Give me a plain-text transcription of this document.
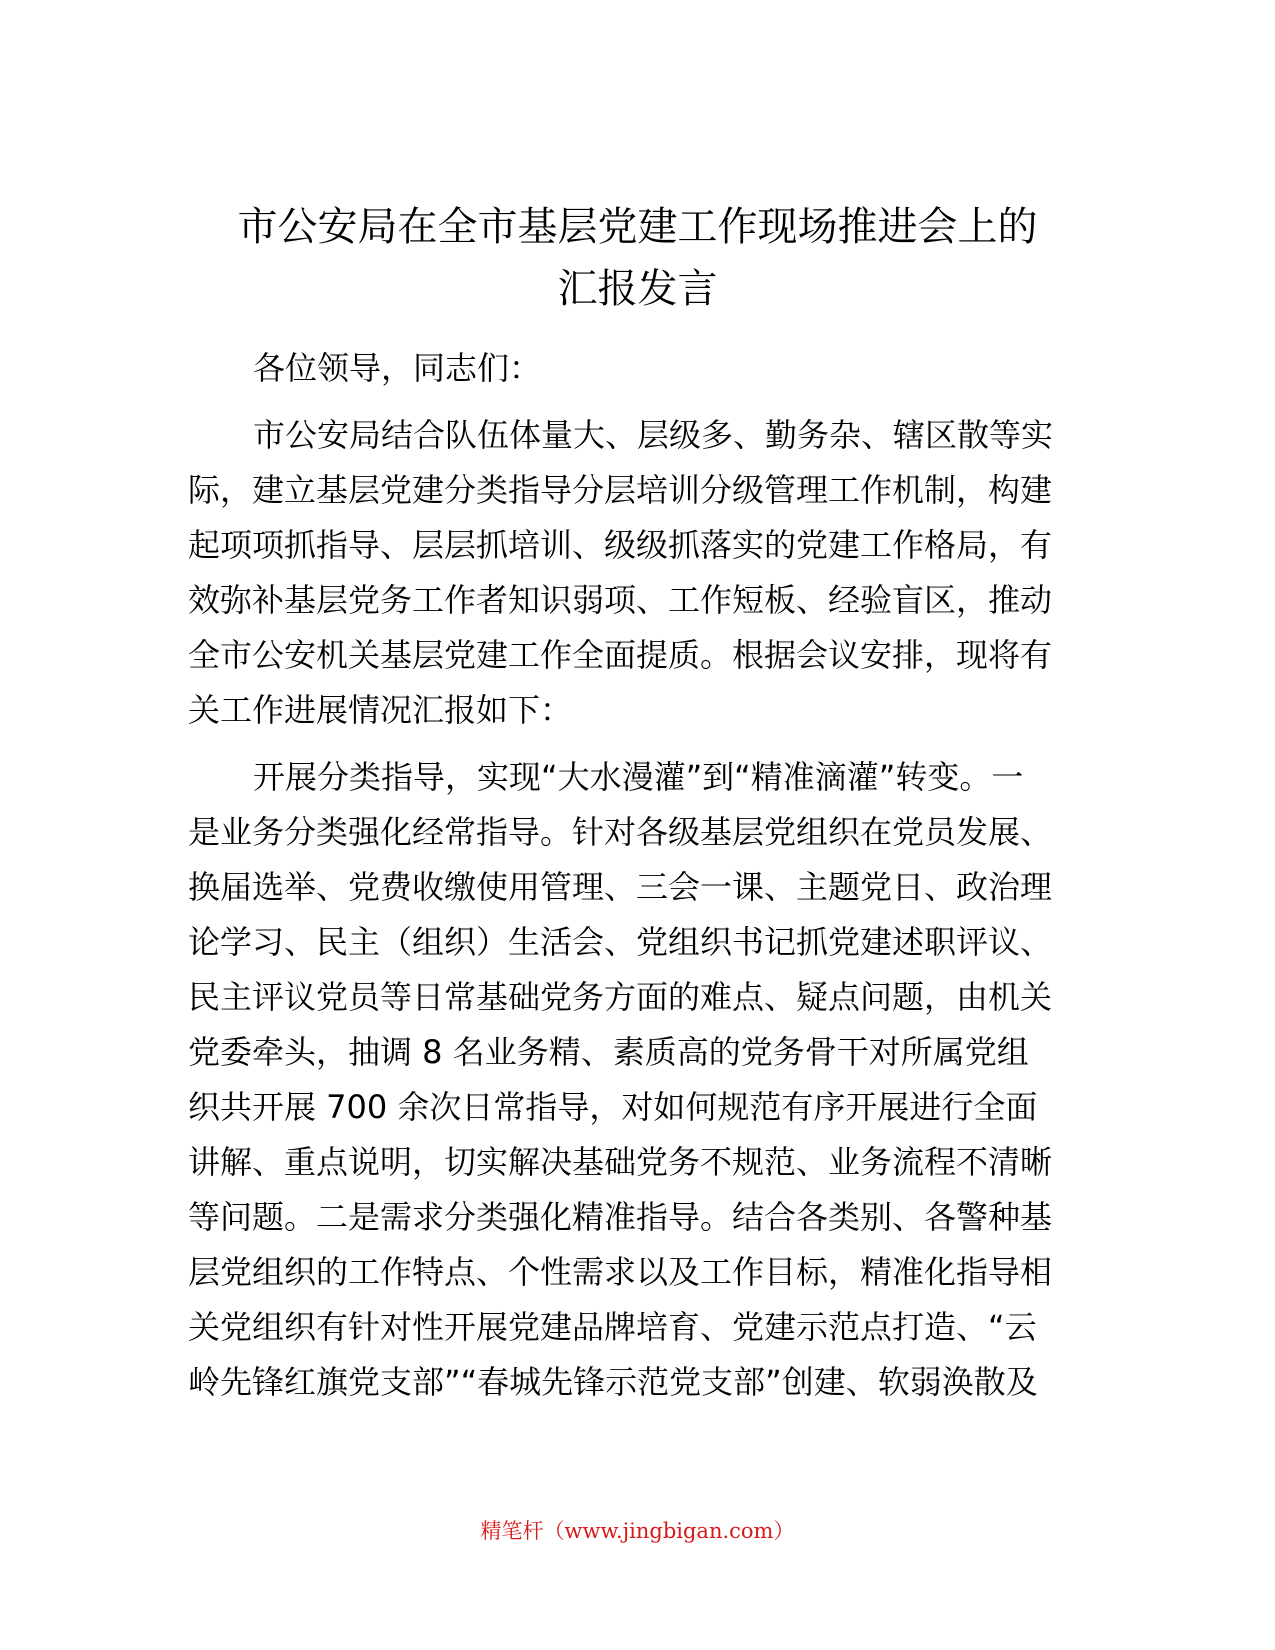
市公安局在全市基层党建工作现场推进会上的
汇报发言

各位领导，同志们：

市公安局结合队伍体量大、层级多、勤务杂、辖区散等实

际，建立基层党建分类指导分层培训分级管理工作机制，构建

起项项抓指导、层层抓培训、级级抓落实的党建工作格局，有

效弥补基层党务工作者知识弱项、工作短板、经验盲区，推动

全市公安机关基层党建工作全面提质。根据会议安排，现将有

关工作进展情况汇报如下：

开展分类指导，实现“大水漫灌”到“精准滴灌”转变。一

是业务分类强化经常指导。针对各级基层党组织在党员发展、

换届选举、党费收缴使用管理、三会一课、主题党日、政治理

论学习、民主（组织）生活会、党组织书记抓党建述职评议、

民主评议党员等日常基础党务方面的难点、疑点问题，由机关

党委牵头，抽调 8 名业务精、素质高的党务骨干对所属党组

织共开展 700 余次日常指导，对如何规范有序开展进行全面

讲解、重点说明，切实解决基础党务不规范、业务流程不清晰

等问题。二是需求分类强化精准指导。结合各类别、各警种基

层党组织的工作特点、个性需求以及工作目标，精准化指导相

关党组织有针对性开展党建品牌培育、党建示范点打造、“云

岭先锋红旗党支部”“春城先锋示范党支部”创建、软弱涣散及

精笔杆（www.jingbigan.com）
